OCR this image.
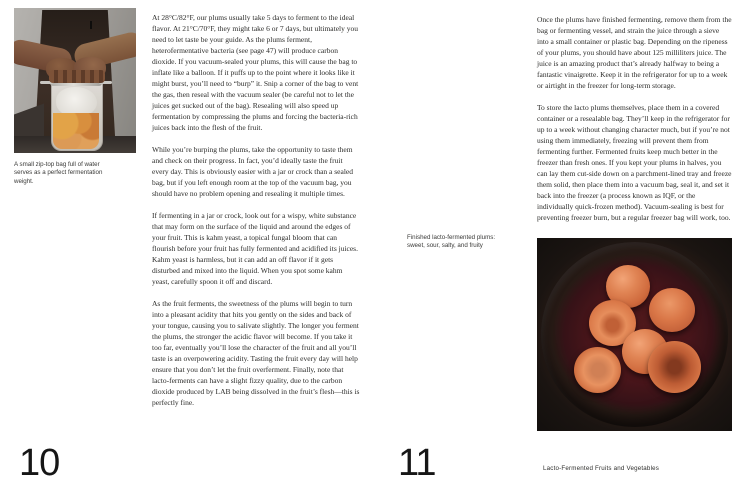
A small zip-top bag full of water serves as a perfect fermentation weight.

At 28°C/82°F, our plums usually take 5 days to ferment to the ideal flavor. At 21°C/70°F, they might take 6 or 7 days, but ultimately you need to let taste be your guide. As the plums ferment, heterofermentative bacteria (see page 47) will produce carbon dioxide. If you vacuum-sealed your plums, this will cause the bag to inflate like a balloon. If it puffs up to the point where it looks like it might burst, you’ll need to “burp” it. Snip a corner of the bag to vent the gas, then reseal with the vacuum sealer (be careful not to let the juices get sucked out of the bag). Resealing will also speed up fermentation by compressing the plums and forcing the bacteria-rich juices back into the flesh of the fruit.

While you’re burping the plums, take the opportunity to taste them and check on their progress. In fact, you’d ideally taste the fruit every day. This is obviously easier with a jar or crock than a sealed bag, but if you left enough room at the top of the vacuum bag, you should have no problem opening and resealing it multiple times.

If fermenting in a jar or crock, look out for a wispy, white substance that may form on the surface of the liquid and around the edges of your fruit. This is kahm yeast, a topical fungal bloom that can flourish before your fruit has fully fermented and acidified its juices. Kahm yeast is harmless, but it can add an off flavor if it gets disturbed and mixed into the liquid. When you spot some kahm yeast, carefully spoon it off and discard.

As the fruit ferments, the sweetness of the plums will begin to turn into a pleasant acidity that hits you gently on the sides and back of your tongue, causing you to salivate slightly. The longer you ferment the plums, the stronger the acidic flavor will become. If you take it too far, eventually you’ll lose the character of the fruit and all you’ll taste is an overpowering acidity. Tasting the fruit every day will help ensure that you don’t let the fruit overferment. Finally, note that lacto-ferments can have a slight fizzy quality, due to the carbon dioxide produced by LAB being dissolved in the fruit’s flesh—this is perfectly fine.

10

Once the plums have finished fermenting, remove them from the bag or fermenting vessel, and strain the juice through a sieve into a small container or plastic bag. Depending on the ripeness of your plums, you should have about 125 milliliters juice. The juice is an amazing product that’s already halfway to being a fantastic vinaigrette. Keep it in the refrigerator for up to a week or airtight in the freezer for long-term storage.

To store the lacto plums themselves, place them in a covered container or a resealable bag. They’ll keep in the refrigerator for up to a week without changing character much, but if you’re not using them immediately, freezing will prevent them from fermenting further. Fermented fruits keep much better in the freezer than fresh ones. If you kept your plums in halves, you can lay them cut-side down on a parchment-lined tray and freeze them solid, then place them into a vacuum bag, seal it, and set it back into the freezer (a process known as IQF, or the individually quick-frozen method). Vacuum-sealing is best for preventing freezer burn, but a regular freezer bag will work, too.

Finished lacto-fermented plums: sweet, sour, salty, and fruity
11	Lacto-Fermented Fruits and Vegetables
